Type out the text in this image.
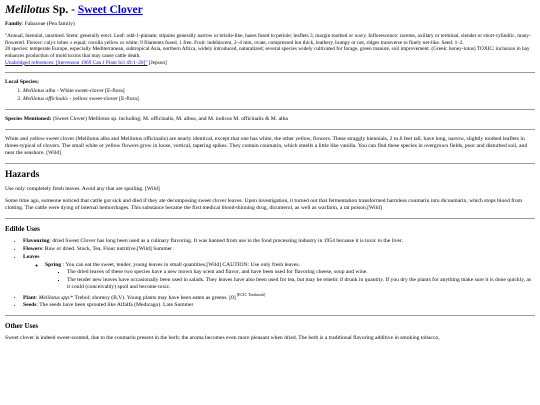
Melilotus Sp. - Sweet Clover

Family: Fabaceae (Pea family)

"Annual, biennial, unarmed. Stem: generally erect. Leaf: odd-1-pinnate; stipules generally narrow or bristle-like, bases fused to petiole; leaflets 3, margin toothed or wavy. Inflorescence: raceme, axillary or terminal, slender or short-cylindric, many-flowered. Flower: calyx lobes ± equal; corolla yellow or white; 9 filaments fused, 1 free. Fruit: indehiscent, 2–4 mm, ovate, compressed but thick, leathery, bumpy or not, ridges transverse to finely net-like. Seed: 1–2.
20 species: temperate Europe, especially Mediterranean, subtropical Asia, northern Africa, widely introduced, naturalized; several species widely cultivated for forage, green manure, soil improvement. (Greek: honey-lotus) TOXIC: inclusion in hay enhances production of mold toxins that may cause cattle death.
Unabridged references: [Stevenson 1969 Can J Plant Sci 49:1–20]" [Jepson]

Local Species;

1. Melilotus alba - White sweet-clover [E-flora]
2. Melilotus officinalis - yellow sweet-clover [E-flora]

Species Mentioned: (Sweet Clover) Melilotus sp. including; M. officinalis, M. albus, and M. indicus M. officinalis & M. alba

White and yellow sweet clover (Melilotus alba and Melilotus officinalis) are nearly identical, except that one has white, the other yellow, flowers. These straggly biennials, 2 to.6 feet tall, have long, narrow, slightly toothed leaflets in threes-typical of clovers. The small white or yellow flowers grow in loose, vertical, tapering spikes. They contain coumarin, which smells a little like vanilla. You can find these species in overgrown fields, poor and disturbed soil, and near the seashore. [Wild]

Hazards

Use only completely fresh leaves. Avoid any that are spoiling. [Wild]

Some time ago, someone noticed that cattle got sick and died if they ate decomposing sweet clover leaves. Upon investigation, it turned out that fermentation transformed harmless coumarin into dicoumarin, which stops blood from clotting. The cattle were dying of internal hemorrhages. This substance became the first medical blood-thinning drug, dicumerol, as well as warfarin, a rat poison.[Wild]

Edible Uses
• Flavouring: dried Sweet Clover has long been used as a culinary flavoring. It was banned from use in the food processing industry in 1954 because it is toxic to the liver.
• Flowers: Raw or dried. Stock, Tea, Flour nutritive.[Wild] Summer
• Leaves
◦ Spring : You can eat the sweet, tender, young leaves in small quantities.[Wild] CAUTION: Use only fresh leaves.
▪ The dried leaves of these two species have a new mown hay scent and flavor, and have been used for flavoring cheese, soup and wine.
▪ The tender new leaves have occasionally been used in salads. They leaves have also been used for tea, but may be emetic if drunk in quantity. If you dry the plants for anything make sure it is done quickly, as it could (conceivably) spoil and become toxic.
• Plant: Melilotus spp.* Trebol; shomoy (B,V). Young plants may have been eaten as greens. [0] [ECIC Timbrook]
• Seeds: The seeds have been sprouted like Alfalfa (Medicago). Late Summer
Other Uses

Sweet clover is indeed sweet-scented, due to the coumarin present in the herb; the aroma becomes even more pleasant when dried. The herb is a traditional flavoring additive in smoking tobacco,
